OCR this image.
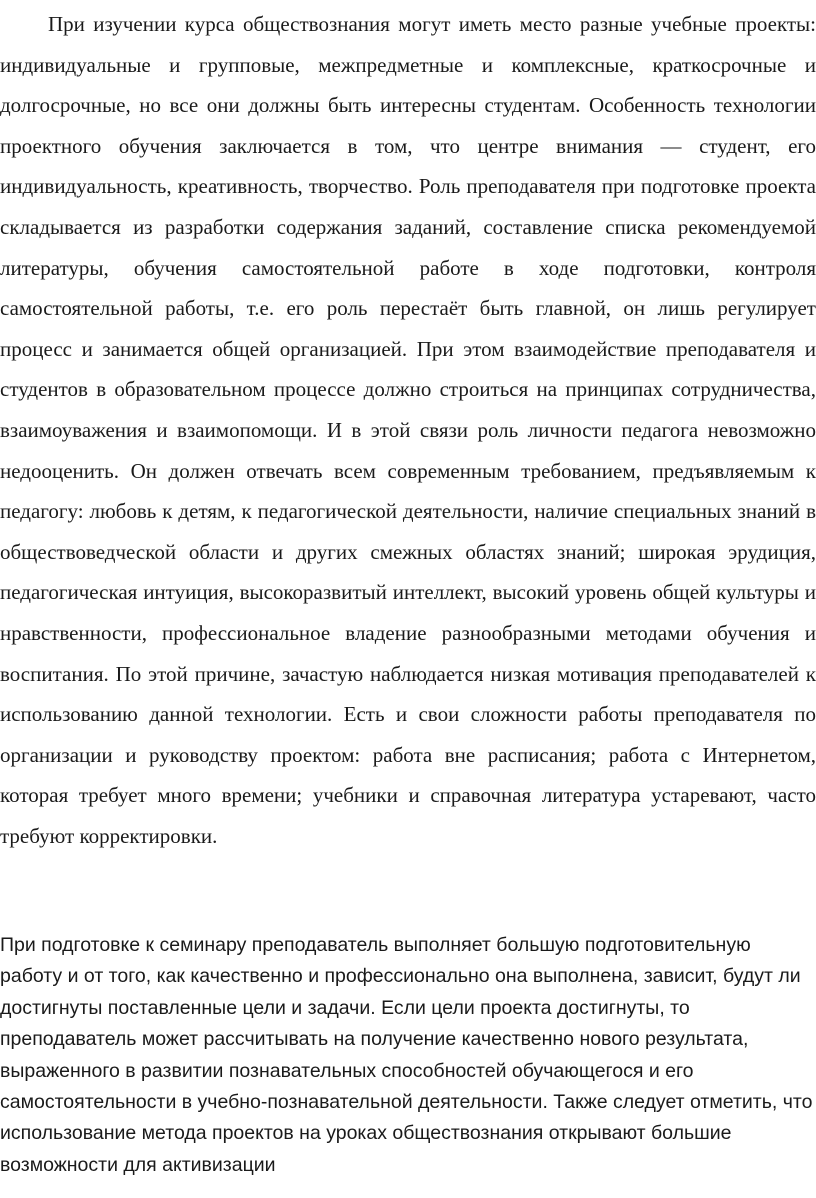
При изучении курса обществознания могут иметь место разные учебные проекты: индивидуальные и групповые, межпредметные и комплексные, краткосрочные и долгосрочные, но все они должны быть интересны студентам. Особенность технологии проектного обучения заключается в том, что центре внимания — студент, его индивидуальность, креативность, творчество. Роль преподавателя при подготовке проекта складывается из разработки содержания заданий, составление списка рекомендуемой литературы, обучения самостоятельной работе в ходе подготовки, контроля самостоятельной работы, т.е. его роль перестаёт быть главной, он лишь регулирует процесс и занимается общей организацией. При этом взаимодействие преподавателя и студентов в образовательном процессе должно строиться на принципах сотрудничества, взаимоуважения и взаимопомощи. И в этой связи роль личности педагога невозможно недооценить. Он должен отвечать всем современным требованием, предъявляемым к педагогу: любовь к детям, к педагогической деятельности, наличие специальных знаний в обществоведческой области и других смежных областях знаний; широкая эрудиция, педагогическая интуиция, высокоразвитый интеллект, высокий уровень общей культуры и нравственности, профессиональное владение разнообразными методами обучения и воспитания. По этой причине, зачастую наблюдается низкая мотивация преподавателей к использованию данной технологии. Есть и свои сложности работы преподавателя по организации и руководству проектом: работа вне расписания; работа с Интернетом, которая требует много времени; учебники и справочная литература устаревают, часто требуют корректировки.

При подготовке к семинару преподаватель выполняет большую подготовительную работу и от того, как качественно и профессионально она выполнена, зависит, будут ли достигнуты поставленные цели и задачи. Если цели проекта достигнуты, то преподаватель может рассчитывать на получение качественно нового результата, выраженного в развитии познавательных способностей обучающегося и его самостоятельности в учебно-познавательной деятельности. Также следует отметить, что использование метода проектов на уроках обществознания открывают большие возможности для активизации
